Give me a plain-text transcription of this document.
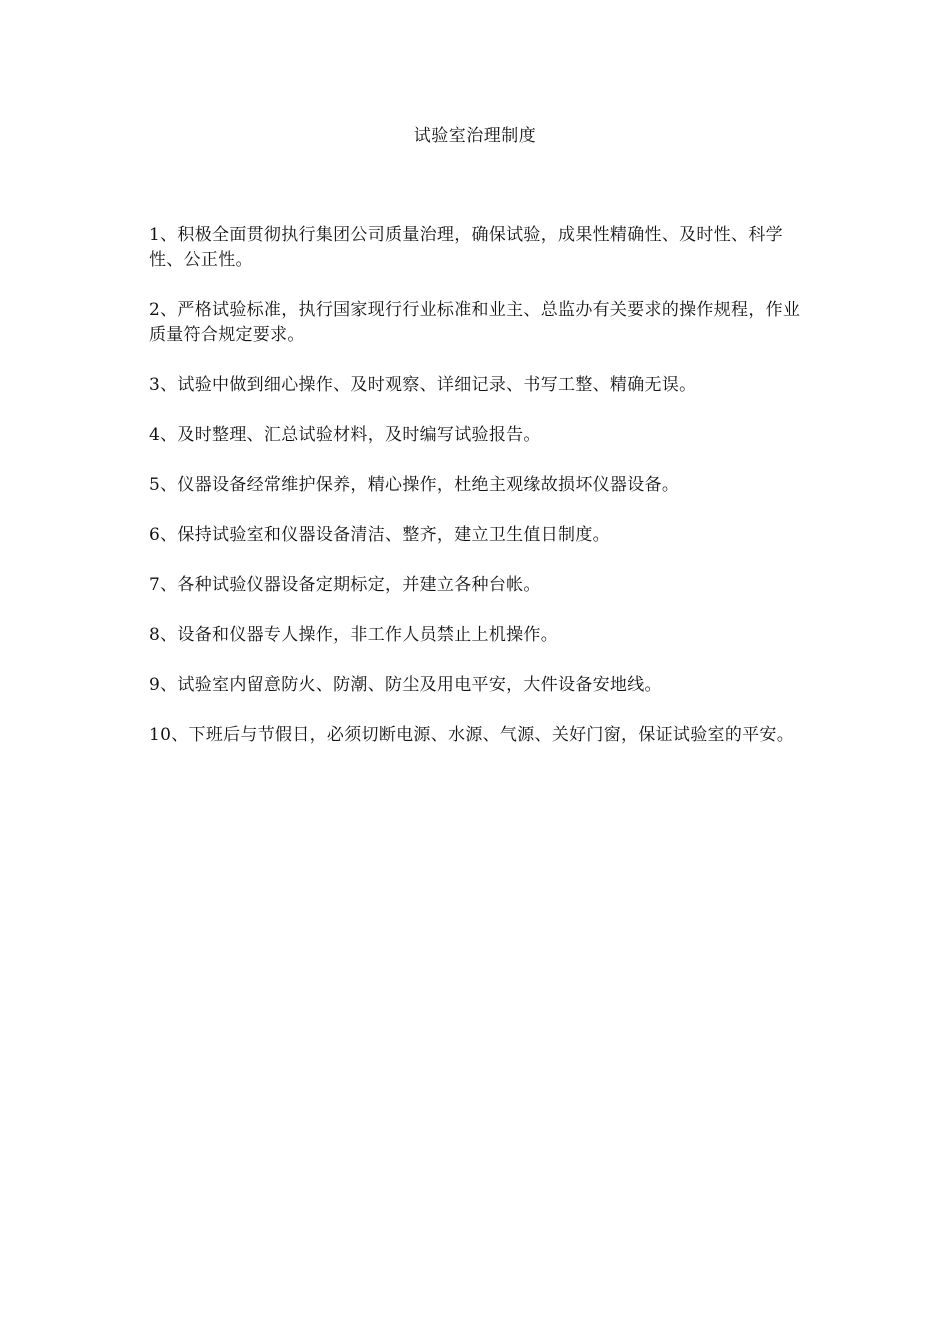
试验室治理制度
1、积极全面贯彻执行集团公司质量治理，确保试验，成果性精确性、及时性、科学性、公正性。
2、严格试验标准，执行国家现行行业标准和业主、总监办有关要求的操作规程，作业质量符合规定要求。
3、试验中做到细心操作、及时观察、详细记录、书写工整、精确无误。
4、及时整理、汇总试验材料，及时编写试验报告。
5、仪器设备经常维护保养，精心操作，杜绝主观缘故损坏仪器设备。
6、保持试验室和仪器设备清洁、整齐，建立卫生值日制度。
7、各种试验仪器设备定期标定，并建立各种台帐。
8、设备和仪器专人操作，非工作人员禁止上机操作。
9、试验室内留意防火、防潮、防尘及用电平安，大件设备安地线。
10、下班后与节假日，必须切断电源、水源、气源、关好门窗，保证试验室的平安。
